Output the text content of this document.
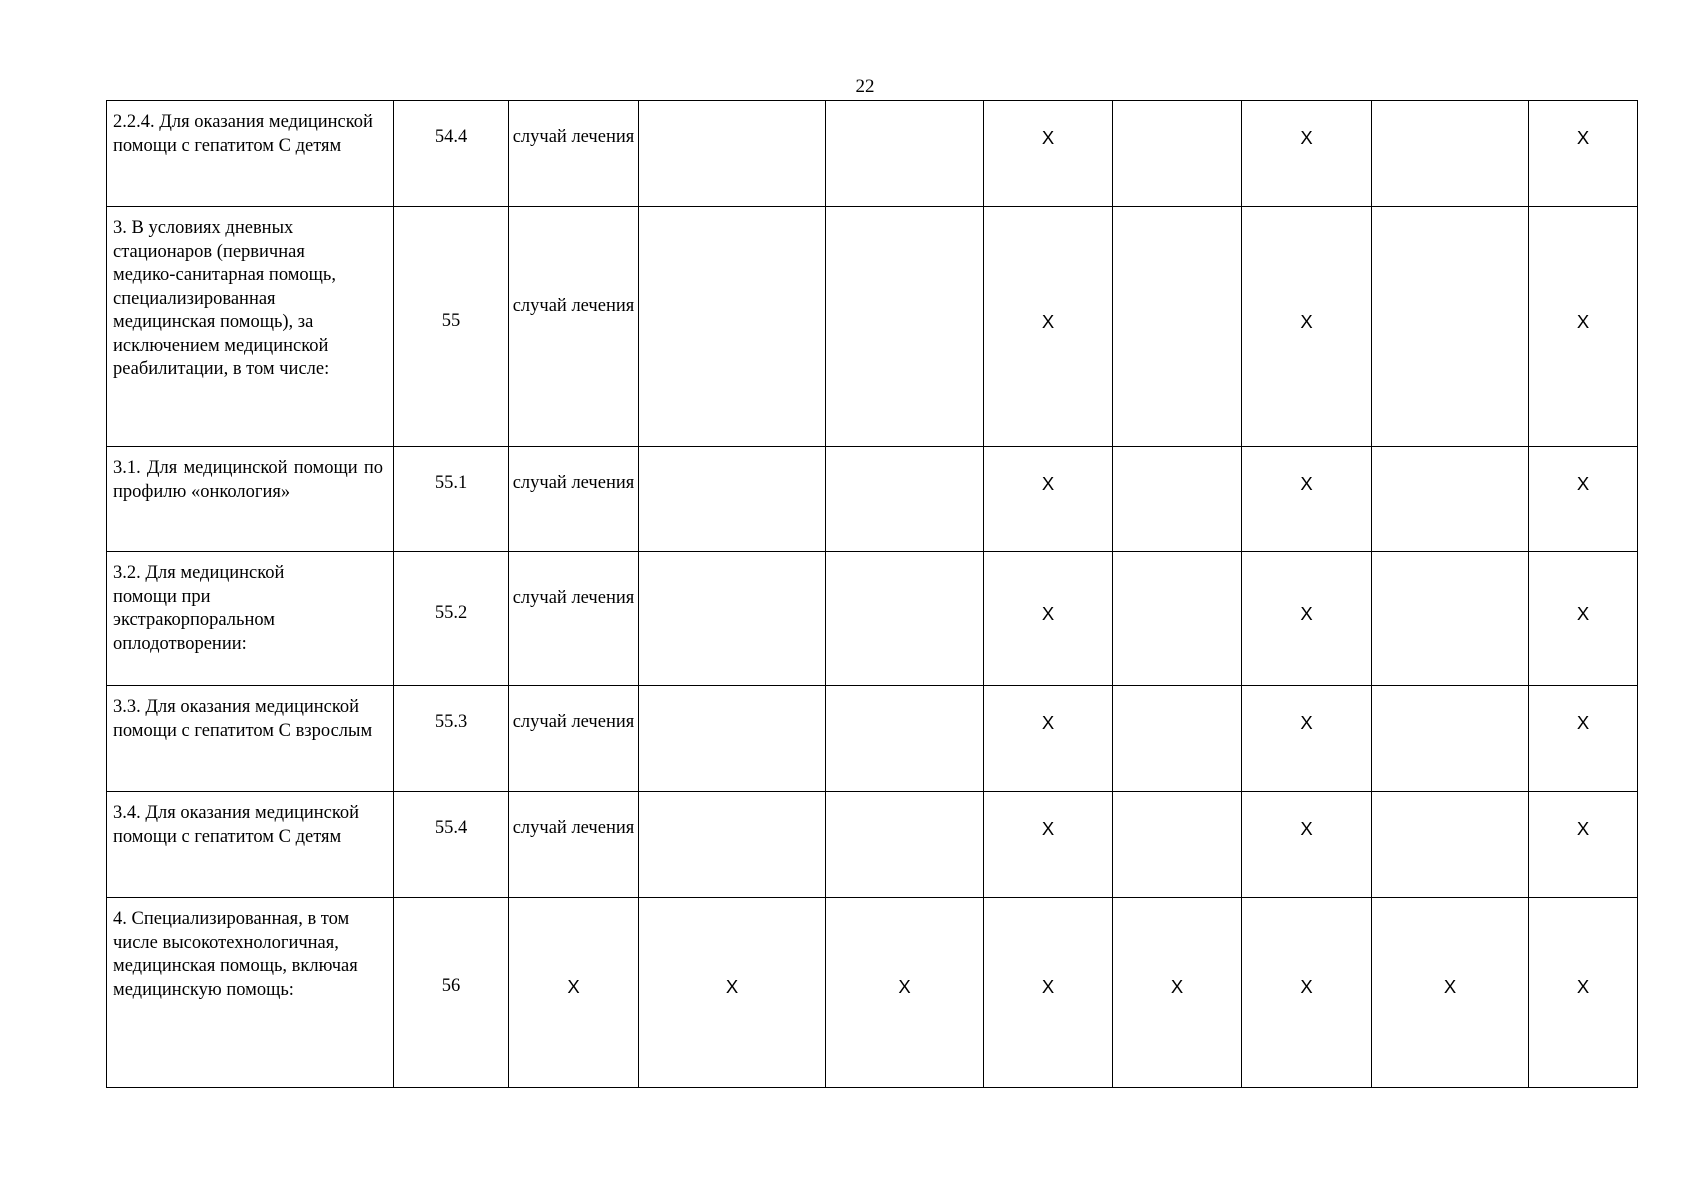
22
2.2.4. Для оказания медицинской помощи с гепатитом С детям	54.4	случай лечения			X		X		X
3. В условиях дневных стационаров (первичная медико-санитарная помощь, специализированная медицинская помощь), за исключением медицинской реабилитации, в том числе:	55	случай лечения			X		X		X
3.1. Для медицинской помощи по профилю «онкология»	55.1	случай лечения			X		X		X
3.2. Для медицинской помощи при экстракорпоральном оплодотворении:	55.2	случай лечения			X		X		X
3.3. Для оказания медицинской помощи с гепатитом С взрослым	55.3	случай лечения			X		X		X
3.4. Для оказания медицинской помощи с гепатитом С детям	55.4	случай лечения			X		X		X
4. Специализированная, в том числе высокотехнологичная, медицинская помощь, включая медицинскую помощь:	56	X	X	X	X	X	X	X	X
